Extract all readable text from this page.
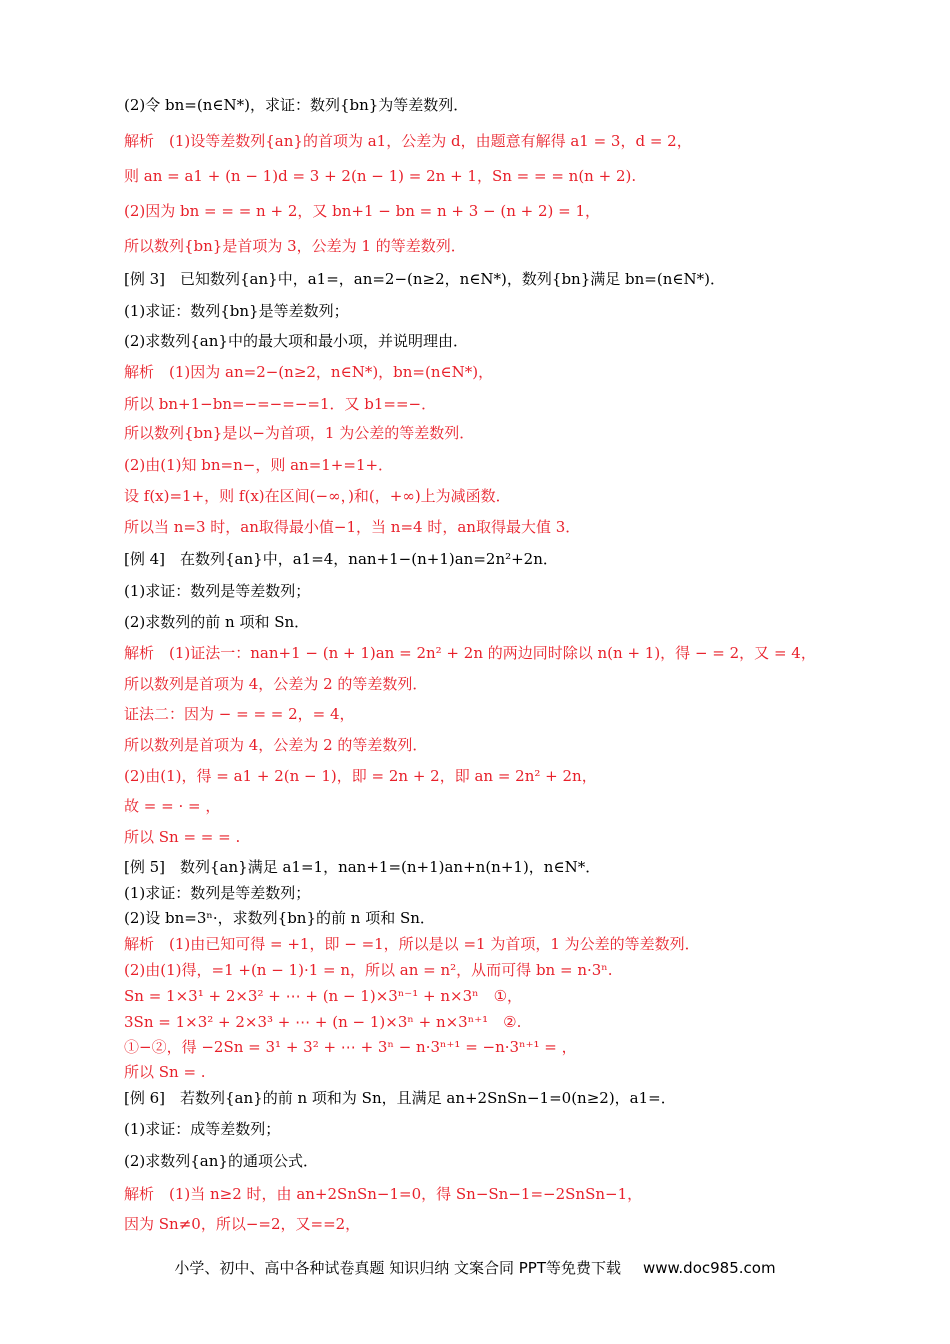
(2)令 bn=(n∈N*)，求证：数列{bn}为等差数列．
解析　(1)设等差数列{an}的首项为 a1，公差为 d，由题意有解得 a1 = 3，d = 2，
则 an = a1 + (n − 1)d = 3 + 2(n − 1) = 2n + 1，Sn = = = n(n + 2).
(2)因为 bn = = = n + 2，又 bn+1 − bn = n + 3 − (n + 2) = 1，
所以数列{bn}是首项为 3，公差为 1 的等差数列．
[例 3]　已知数列{an}中，a1=，an=2−(n≥2，n∈N*)，数列{bn}满足 bn=(n∈N*)．
(1)求证：数列{bn}是等差数列；
(2)求数列{an}中的最大项和最小项，并说明理由．
解析　(1)因为 an=2−(n≥2，n∈N*)，bn=(n∈N*)，
所以 bn+1−bn=−=−=−=1．又 b1==−．
所以数列{bn}是以−为首项，1 为公差的等差数列．
(2)由(1)知 bn=n−，则 an=1+=1+．
设 f(x)=1+，则 f(x)在区间(−∞，)和(，+∞)上为减函数．
所以当 n=3 时，an取得最小值−1，当 n=4 时，an取得最大值 3．
[例 4]　在数列{an}中，a1=4，nan+1−(n+1)an=2n²+2n．
(1)求证：数列是等差数列；
(2)求数列的前 n 项和 Sn．
解析　(1)证法一：nan+1 − (n + 1)an = 2n² + 2n 的两边同时除以 n(n + 1)，得 − = 2，又 = 4，
所以数列是首项为 4，公差为 2 的等差数列．
证法二：因为 − = = = 2，= 4，
所以数列是首项为 4，公差为 2 的等差数列．
(2)由(1)，得 = a1 + 2(n − 1)，即 = 2n + 2，即 an = 2n² + 2n，
故 = = · = ，
所以 Sn = = = .
[例 5]　数列{an}满足 a1=1，nan+1=(n+1)an+n(n+1)，n∈N*．
(1)求证：数列是等差数列；
(2)设 bn=3ⁿ·，求数列{bn}的前 n 项和 Sn．
解析　(1)由已知可得 = +1，即 − =1，所以是以 =1 为首项，1 为公差的等差数列．
(2)由(1)得，=1 +(n − 1)·1 = n，所以 an = n²，从而可得 bn = n·3ⁿ.
Sn = 1×3¹ + 2×3² + ⋯ + (n − 1)×3ⁿ⁻¹ + n×3ⁿ　①，
3Sn = 1×3² + 2×3³ + ⋯ + (n − 1)×3ⁿ + n×3ⁿ⁺¹　②.
①−②，得 −2Sn = 3¹ + 3² + ⋯ + 3ⁿ − n·3ⁿ⁺¹ = −n·3ⁿ⁺¹ = ，
所以 Sn = .
[例 6]　若数列{an}的前 n 项和为 Sn，且满足 an+2SnSn−1=0(n≥2)，a1=．
(1)求证：成等差数列；
(2)求数列{an}的通项公式．
解析　(1)当 n≥2 时，由 an+2SnSn−1=0，得 Sn−Sn−1=−2SnSn−1，
因为 Sn≠0，所以−=2，又==2，
小学、初中、高中各种试卷真题 知识归纳 文案合同 PPT等免费下载 www.doc985.com
